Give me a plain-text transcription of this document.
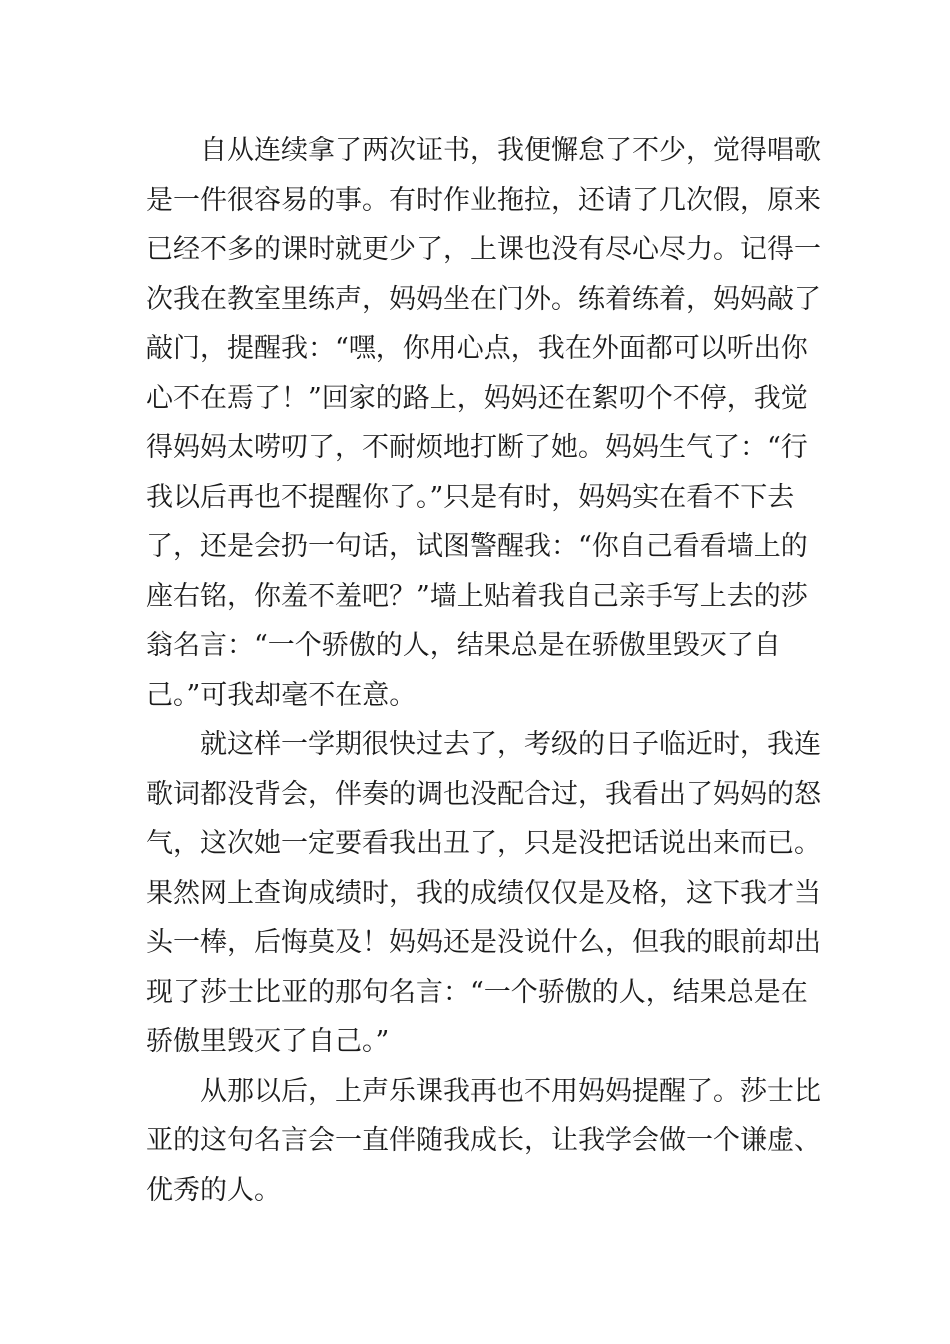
自从连续拿了两次证书，我便懈怠了不少，觉得唱歌
是一件很容易的事。有时作业拖拉，还请了几次假，原来
已经不多的课时就更少了，上课也没有尽心尽力。记得一
次我在教室里练声，妈妈坐在门外。练着练着，妈妈敲了
敲门，提醒我：“嘿，你用心点，我在外面都可以听出你
心不在焉了！”回家的路上，妈妈还在絮叨个不停，我觉
得妈妈太唠叨了，不耐烦地打断了她。妈妈生气了：“行
我以后再也不提醒你了。”只是有时，妈妈实在看不下去
了，还是会扔一句话，试图警醒我：“你自己看看墙上的
座右铭，你羞不羞吧？”墙上贴着我自己亲手写上去的莎
翁名言：“一个骄傲的人，结果总是在骄傲里毁灭了自
己。”可我却毫不在意。
就这样一学期很快过去了，考级的日子临近时，我连
歌词都没背会，伴奏的调也没配合过，我看出了妈妈的怒
气，这次她一定要看我出丑了，只是没把话说出来而已。
果然网上查询成绩时，我的成绩仅仅是及格，这下我才当
头一棒，后悔莫及！妈妈还是没说什么，但我的眼前却出
现了莎士比亚的那句名言：“一个骄傲的人，结果总是在
骄傲里毁灭了自己。”
从那以后，上声乐课我再也不用妈妈提醒了。莎士比
亚的这句名言会一直伴随我成长，让我学会做一个谦虚、
优秀的人。
